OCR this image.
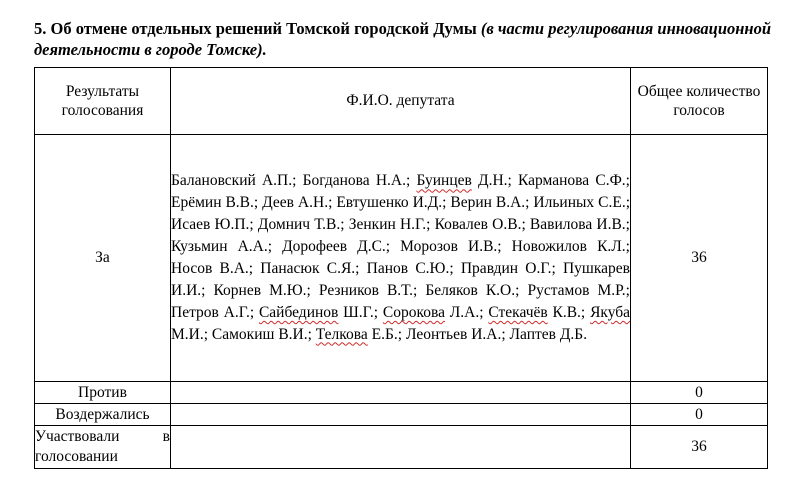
5. Об отмене отдельных решений Томской городской Думы (в части регулирования инновационной деятельности в городе Томске).
Результаты голосования	Ф.И.О. депутата	Общее количество голосов
За	Балановский А.П.; Богданова Н.А.; Буинцев Д.Н.; Карманова С.Ф.; Ерёмин В.В.; Деев А.Н.; Евтушенко И.Д.; Верин В.А.; Ильиных С.Е.; Исаев Ю.П.; Домнич Т.В.; Зенкин Н.Г.; Ковалев О.В.; Вавилова И.В.; Кузьмин А.А.; Дорофеев Д.С.; Морозов И.В.; Новожилов К.Л.; Носов В.А.; Панасюк С.Я.; Панов С.Ю.; Правдин О.Г.; Пушкарев И.И.; Корнев М.Ю.; Резников В.Т.; Беляков К.О.; Рустамов М.Р.; Петров А.Г.; Сайбединов Ш.Г.; Сорокова Л.А.; Стекачёв К.В.; Якуба М.И.; Самокиш В.И.; Телкова Е.Б.; Леонтьев И.А.; Лаптев Д.Б.	36
Против		0
Воздержались		0
Участвовали в голосовании		36
